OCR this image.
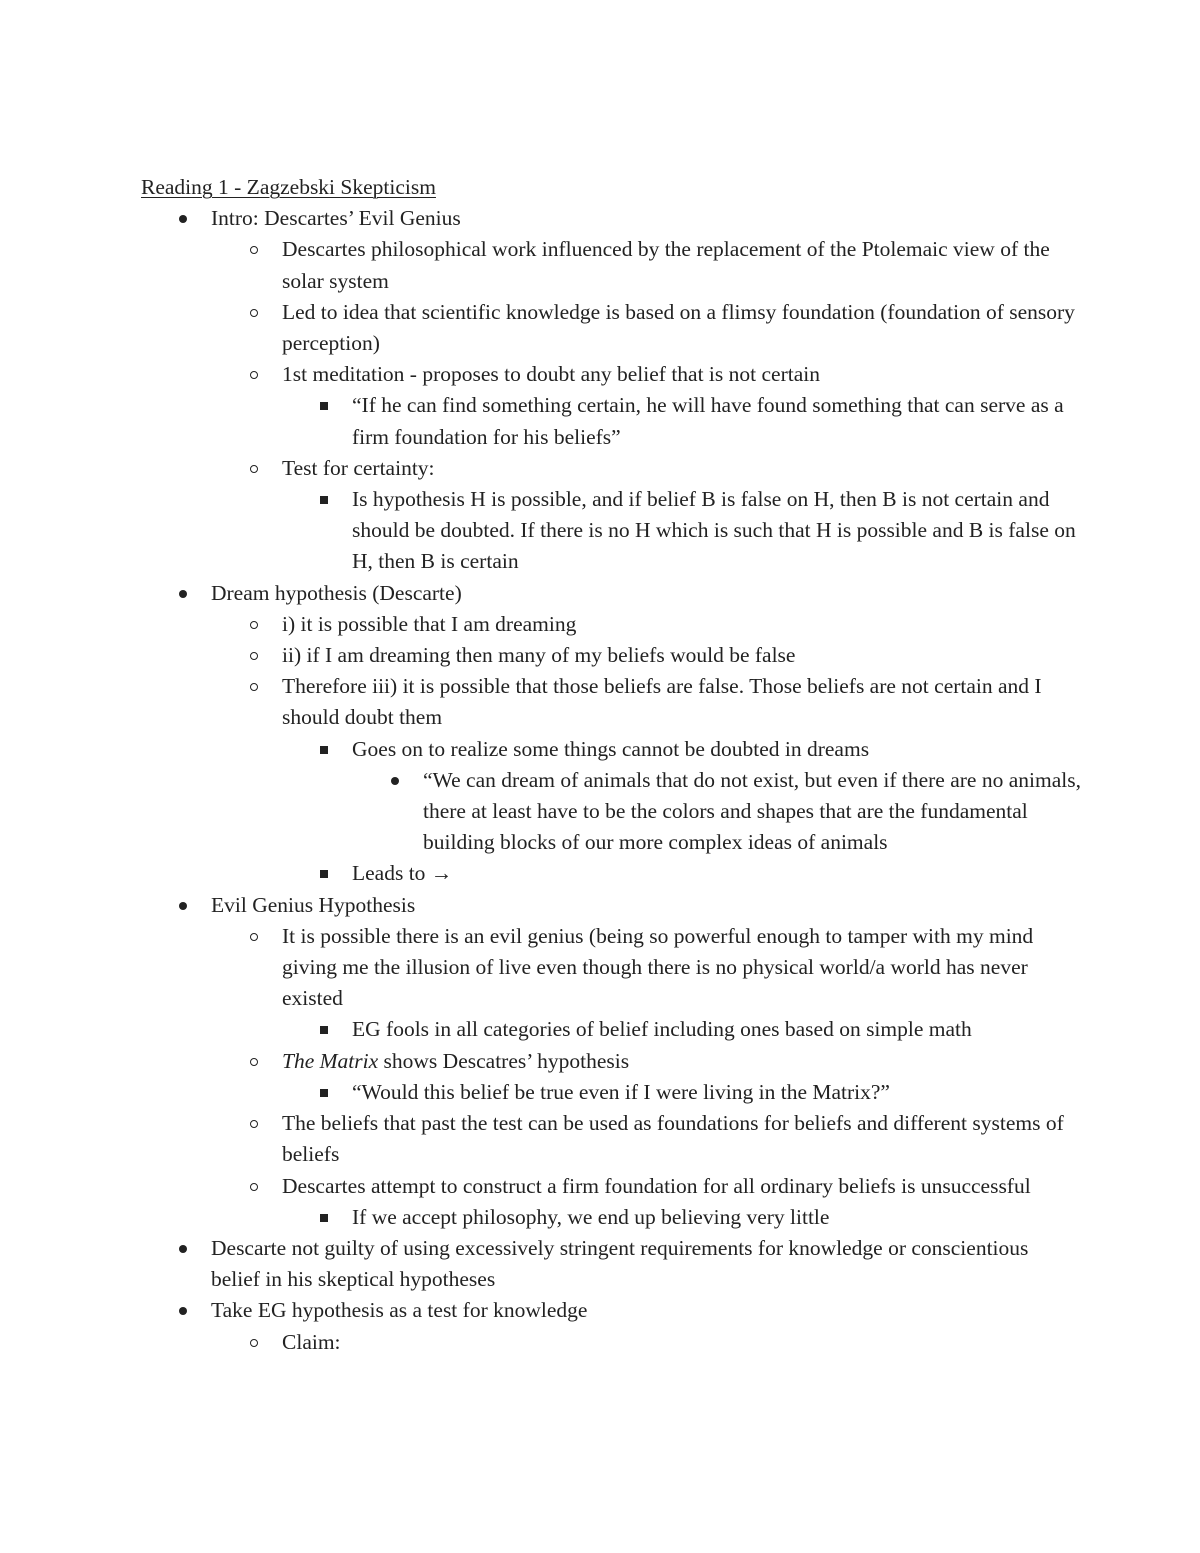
Reading 1 - Zagzebski Skepticism
Intro: Descartes’ Evil Genius
Descartes philosophical work influenced by the replacement of the Ptolemaic view of the solar system
Led to idea that scientific knowledge is based on a flimsy foundation (foundation of sensory perception)
1st meditation - proposes to doubt any belief that is not certain
“If he can find something certain, he will have found something that can serve as a firm foundation for his beliefs”
Test for certainty:
Is hypothesis H is possible, and if belief B is false on H, then B is not certain and should be doubted. If there is no H which is such that H is possible and B is false on H, then B is certain
Dream hypothesis (Descarte)
i) it is possible that I am dreaming
ii) if I am dreaming then many of my beliefs would be false
Therefore iii) it is possible that those beliefs are false. Those beliefs are not certain and I should doubt them
Goes on to realize some things cannot be doubted in dreams
“We can dream of animals that do not exist, but even if there are no animals, there at least have to be the colors and shapes that are the fundamental building blocks of our more complex ideas of animals
Leads to →
Evil Genius Hypothesis
It is possible there is an evil genius (being so powerful enough to tamper with my mind giving me the illusion of live even though there is no physical world/a world has never existed
EG fools in all categories of belief including ones based on simple math
The Matrix shows Descatres’ hypothesis
“Would this belief be true even if I were living in the Matrix?”
The beliefs that past the test can be used as foundations for beliefs and different systems of beliefs
Descartes attempt to construct a firm foundation for all ordinary beliefs is unsuccessful
If we accept philosophy, we end up believing very little
Descarte not guilty of using excessively stringent requirements for knowledge or conscientious belief in his skeptical hypotheses
Take EG hypothesis as a test for knowledge
Claim:
